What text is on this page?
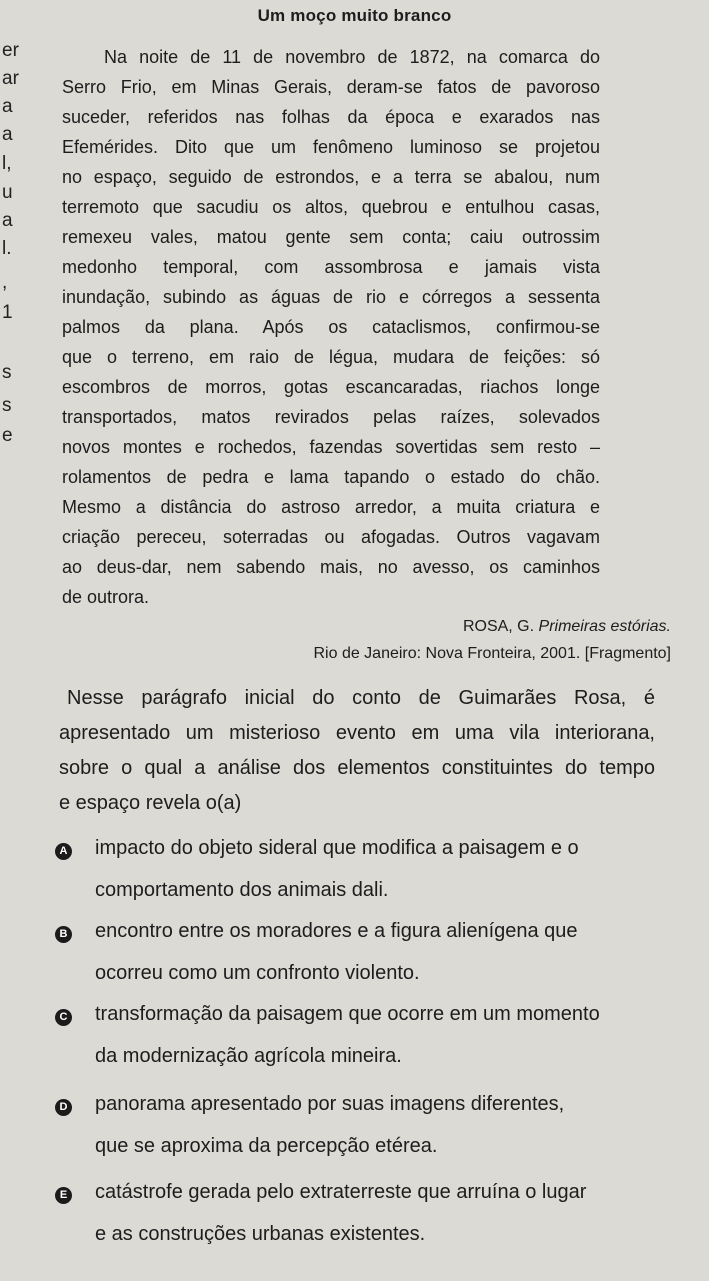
er
ar
a
a
l,
u
a
l.
,
1
s
s
e
Um moço muito branco

Na noite de 11 de novembro de 1872, na comarca do
Serro Frio, em Minas Gerais, deram-se fatos de pavoroso
suceder, referidos nas folhas da época e exarados nas
Efemérides. Dito que um fenômeno luminoso se projetou
no espaço, seguido de estrondos, e a terra se abalou, num
terremoto que sacudiu os altos, quebrou e entulhou casas,
remexeu vales, matou gente sem conta; caiu outrossim
medonho temporal, com assombrosa e jamais vista
inundação, subindo as águas de rio e córregos a sessenta
palmos da plana. Após os cataclismos, confirmou-se
que o terreno, em raio de légua, mudara de feições: só
escombros de morros, gotas escancaradas, riachos longe
transportados, matos revirados pelas raízes, solevados
novos montes e rochedos, fazendas sovertidas sem resto –
rolamentos de pedra e lama tapando o estado do chão.
Mesmo a distância do astroso arredor, a muita criatura e
criação pereceu, soterradas ou afogadas. Outros vagavam
ao deus-dar, nem sabendo mais, no avesso, os caminhos
de outrora.

ROSA, G. Primeiras estórias.
Rio de Janeiro: Nova Fronteira, 2001. [Fragmento]

Nesse parágrafo inicial do conto de Guimarães Rosa, é
apresentado um misterioso evento em uma vila interiorana,
sobre o qual a análise dos elementos constituintes do tempo
e espaço revela o(a)

A impacto do objeto sideral que modifica a paisagem e o
comportamento dos animais dali.
B encontro entre os moradores e a figura alienígena que
ocorreu como um confronto violento.
C transformação da paisagem que ocorre em um momento
da modernização agrícola mineira.
D panorama apresentado por suas imagens diferentes,
que se aproxima da percepção etérea.
E catástrofe gerada pelo extraterreste que arruína o lugar
e as construções urbanas existentes.
